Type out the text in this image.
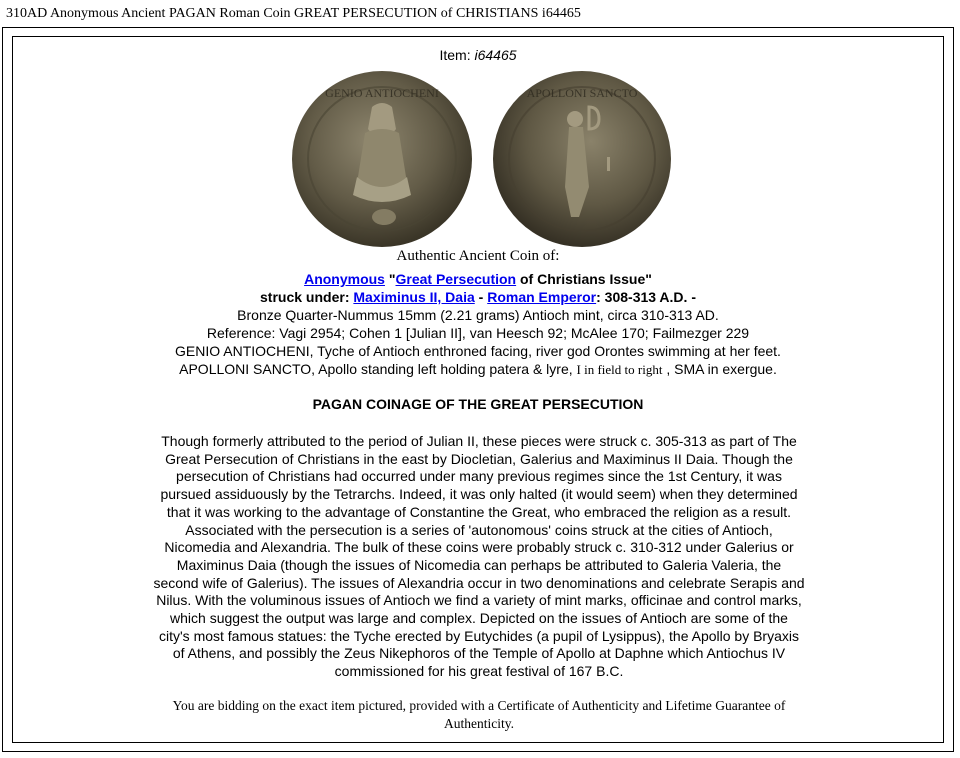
310AD Anonymous Ancient PAGAN Roman Coin GREAT PERSECUTION of CHRISTIANS i64465
Item: i64465
GENIO ANTIOCHENI	APOLLONI SANCTO
Authentic Ancient Coin of:
Anonymous "Great Persecution of Christians Issue"
struck under: Maximinus II, Daia - Roman Emperor: 308-313 A.D. -
Bronze Quarter-Nummus 15mm (2.21 grams) Antioch mint, circa 310-313 AD.
Reference: Vagi 2954; Cohen 1 [Julian II], van Heesch 92; McAlee 170; Failmezger 229
GENIO ANTIOCHENI, Tyche of Antioch enthroned facing, river god Orontes swimming at her feet.
APOLLONI SANCTO, Apollo standing left holding patera & lyre, I in field to right , SMA in exergue.
PAGAN COINAGE OF THE GREAT PERSECUTION
Though formerly attributed to the period of Julian II, these pieces were struck c. 305-313 as part of The Great Persecution of Christians in the east by Diocletian, Galerius and Maximinus II Daia. Though the persecution of Christians had occurred under many previous regimes since the 1st Century, it was pursued assiduously by the Tetrarchs. Indeed, it was only halted (it would seem) when they determined that it was working to the advantage of Constantine the Great, who embraced the religion as a result. Associated with the persecution is a series of 'autonomous' coins struck at the cities of Antioch, Nicomedia and Alexandria. The bulk of these coins were probably struck c. 310-312 under Galerius or Maximinus Daia (though the issues of Nicomedia can perhaps be attributed to Galeria Valeria, the second wife of Galerius). The issues of Alexandria occur in two denominations and celebrate Serapis and Nilus. With the voluminous issues of Antioch we find a variety of mint marks, officinae and control marks, which suggest the output was large and complex. Depicted on the issues of Antioch are some of the city's most famous statues: the Tyche erected by Eutychides (a pupil of Lysippus), the Apollo by Bryaxis of Athens, and possibly the Zeus Nikephoros of the Temple of Apollo at Daphne which Antiochus IV commissioned for his great festival of 167 B.C.
You are bidding on the exact item pictured, provided with a Certificate of Authenticity and Lifetime Guarantee of Authenticity.
